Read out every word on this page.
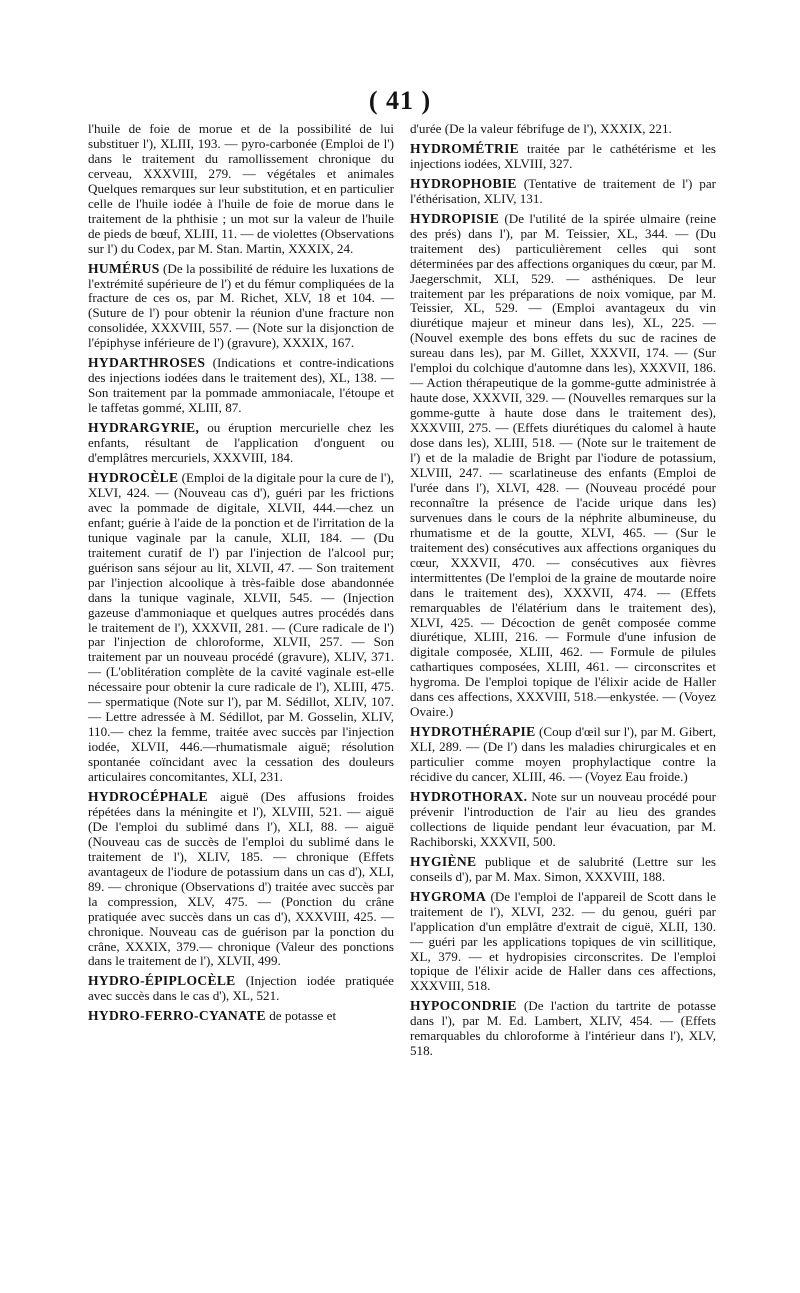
( 41 )

l'huile de foie de morue et de la possibilité de lui substituer l'), XLIII, 193. — pyro-carbonée (Emploi de l') dans le traitement du ramollissement chronique du cerveau, XXXVIII, 279. — végétales et animales Quelques remarques sur leur substitution, et en particulier celle de l'huile iodée à l'huile de foie de morue dans le traitement de la phthisie ; un mot sur la valeur de l'huile de pieds de bœuf, XLIII, 11. — de violettes (Observations sur l') du Codex, par M. Stan. Martin, XXXIX, 24.

HUMÉRUS (De la possibilité de réduire les luxations de l'extrémité supérieure de l') et du fémur compliquées de la fracture de ces os, par M. Richet, XLV, 18 et 104. — (Suture de l') pour obtenir la réunion d'une fracture non consolidée, XXXVIII, 557. — (Note sur la disjonction de l'épiphyse inférieure de l') (gravure), XXXIX, 167.

HYDARTHROSES (Indications et contre-indications des injections iodées dans le traitement des), XL, 138. — Son traitement par la pommade ammoniacale, l'étoupe et le taffetas gommé, XLIII, 87.

HYDRARGYRIE, ou éruption mercurielle chez les enfants, résultant de l'application d'onguent ou d'emplâtres mercuriels, XXXVIII, 184.

HYDROCÈLE (Emploi de la digitale pour la cure de l'), XLVI, 424. — (Nouveau cas d'), guéri par les frictions avec la pommade de digitale, XLVII, 444.—chez un enfant; guérie à l'aide de la ponction et de l'irritation de la tunique vaginale par la canule, XLII, 184. — (Du traitement curatif de l') par l'injection de l'alcool pur; guérison sans séjour au lit, XLVII, 47. — Son traitement par l'injection alcoolique à très-faible dose abandonnée dans la tunique vaginale, XLVII, 545. — (Injection gazeuse d'ammoniaque et quelques autres procédés dans le traitement de l'), XXXVII, 281. — (Cure radicale de l') par l'injection de chloroforme, XLVII, 257. — Son traitement par un nouveau procédé (gravure), XLIV, 371. — (L'oblitération complète de la cavité vaginale est-elle nécessaire pour obtenir la cure radicale de l'), XLIII, 475. — spermatique (Note sur l'), par M. Sédillot, XLIV, 107. — Lettre adressée à M. Sédillot, par M. Gosselin, XLIV, 110.— chez la femme, traitée avec succès par l'injection iodée, XLVII, 446.—rhumatismale aiguë; résolution spontanée coïncidant avec la cessation des douleurs articulaires concomitantes, XLI, 231.

HYDROCÉPHALE aiguë (Des affusions froides répétées dans la méningite et l'), XLVIII, 521. — aiguë (De l'emploi du sublimé dans l'), XLI, 88. — aiguë (Nouveau cas de succès de l'emploi du sublimé dans le traitement de l'), XLIV, 185. — chronique (Effets avantageux de l'iodure de potassium dans un cas d'), XLI, 89. — chronique (Observations d') traitée avec succès par la compression, XLV, 475. — (Ponction du crâne pratiquée avec succès dans un cas d'), XXXVIII, 425. — chronique. Nouveau cas de guérison par la ponction du crâne, XXXIX, 379.— chronique (Valeur des ponctions dans le traitement de l'), XLVII, 499.

HYDRO-ÉPIPLOCÈLE (Injection iodée pratiquée avec succès dans le cas d'), XL, 521.

HYDRO-FERRO-CYANATE de potasse et

d'urée (De la valeur fébrifuge de l'), XXXIX, 221.

HYDROMÉTRIE traitée par le cathétérisme et les injections iodées, XLVIII, 327.

HYDROPHOBIE (Tentative de traitement de l') par l'éthérisation, XLIV, 131.

HYDROPISIE (De l'utilité de la spirée ulmaire (reine des prés) dans l'), par M. Teissier, XL, 344. — (Du traitement des) particulièrement celles qui sont déterminées par des affections organiques du cœur, par M. Jaegerschmit, XLI, 529. — asthéniques. De leur traitement par les préparations de noix vomique, par M. Teissier, XL, 529. — (Emploi avantageux du vin diurétique majeur et mineur dans les), XL, 225. — (Nouvel exemple des bons effets du suc de racines de sureau dans les), par M. Gillet, XXXVII, 174. — (Sur l'emploi du colchique d'automne dans les), XXXVII, 186. — Action thérapeutique de la gomme-gutte administrée à haute dose, XXXVII, 329. — (Nouvelles remarques sur la gomme-gutte à haute dose dans le traitement des), XXXVIII, 275. — (Effets diurétiques du calomel à haute dose dans les), XLIII, 518. — (Note sur le traitement de l') et de la maladie de Bright par l'iodure de potassium, XLVIII, 247. — scarlatineuse des enfants (Emploi de l'urée dans l'), XLVI, 428. — (Nouveau procédé pour reconnaître la présence de l'acide urique dans les) survenues dans le cours de la néphrite albumineuse, du rhumatisme et de la goutte, XLVI, 465. — (Sur le traitement des) consécutives aux affections organiques du cœur, XXXVII, 470. — consécutives aux fièvres intermittentes (De l'emploi de la graine de moutarde noire dans le traitement des), XXXVII, 474. — (Effets remarquables de l'élatérium dans le traitement des), XLVI, 425. — Décoction de genêt composée comme diurétique, XLIII, 216. — Formule d'une infusion de digitale composée, XLIII, 462. — Formule de pilules cathartiques composées, XLIII, 461. — circonscrites et hygroma. De l'emploi topique de l'élixir acide de Haller dans ces affections, XXXVIII, 518.—enkystée. — (Voyez Ovaire.)

HYDROTHÉRAPIE (Coup d'œil sur l'), par M. Gibert, XLI, 289. — (De l') dans les maladies chirurgicales et en particulier comme moyen prophylactique contre la récidive du cancer, XLIII, 46. — (Voyez Eau froide.)

HYDROTHORAX. Note sur un nouveau procédé pour prévenir l'introduction de l'air au lieu des grandes collections de liquide pendant leur évacuation, par M. Rachiborski, XXXVII, 500.

HYGIÈNE publique et de salubrité (Lettre sur les conseils d'), par M. Max. Simon, XXXVIII, 188.

HYGROMA (De l'emploi de l'appareil de Scott dans le traitement de l'), XLVI, 232. — du genou, guéri par l'application d'un emplâtre d'extrait de ciguë, XLII, 130. — guéri par les applications topiques de vin scillitique, XL, 379. — et hydropisies circonscrites. De l'emploi topique de l'élixir acide de Haller dans ces affections, XXXVIII, 518.

HYPOCONDRIE (De l'action du tartrite de potasse dans l'), par M. Ed. Lambert, XLIV, 454. — (Effets remarquables du chloroforme à l'intérieur dans l'), XLV, 518.
